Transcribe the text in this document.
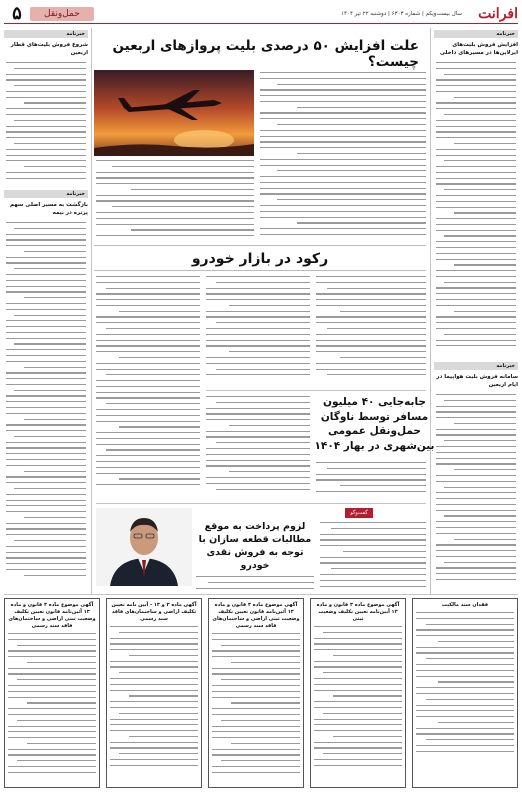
۵	حمل‌و‌نقل	سال بیست‌ویکم | شماره ۶۳۰۳ | دوشنبه ۲۲ تیر ۱۴۰۴	افرانت
خبرنامه
شروع فروش بلیت‌های قطار اربعین
خبرنامه
بازگشت به مسیر اصلی سهم پرتره در نیمه
خبرنامه
افزایش فروش بلیت‌های ایرلاین‌ها در مسیرهای داخلی
خبرنامه
سامانه فروش بلیت هواپیما در ایام اربعین
علت افزایش ۵۰ درصدی بلیت پروازهای اربعین چیست؟
رکود در بازار خودرو
جابه‌جایی ۴۰ میلیون مسافر توسط ناوگان حمل‌و‌نقل عمومی بین‌شهری در بهار ۱۴۰۴
گفت‌وگو
لزوم پرداخت به موقع مطالبات قطعه سازان با توجه به فروش نقدی خودرو
آگهی موضوع ماده ۳ قانون و ماده ۱۳ آئین‌نامه قانون تعیین تکلیف وضعیت ثبتی اراضی و ساختمان‌های فاقد سند رسمی
آگهی ماده ۳ و ۱۳ - آیین نامه تعیین تکلیف اراضی و ساختمان‌های فاقد سند رسمی
آگهی موضوع ماده ۳ قانون و ماده ۱۳ آئین‌نامه قانون تعیین تکلیف وضعیت ثبتی اراضی و ساختمان‌های فاقد سند رسمی
آگهی موضوع ماده ۳ قانون و ماده ۱۳ آیین‌نامه تعیین تکلیف وضعیت ثبتی
فقدان سند مالکیت
